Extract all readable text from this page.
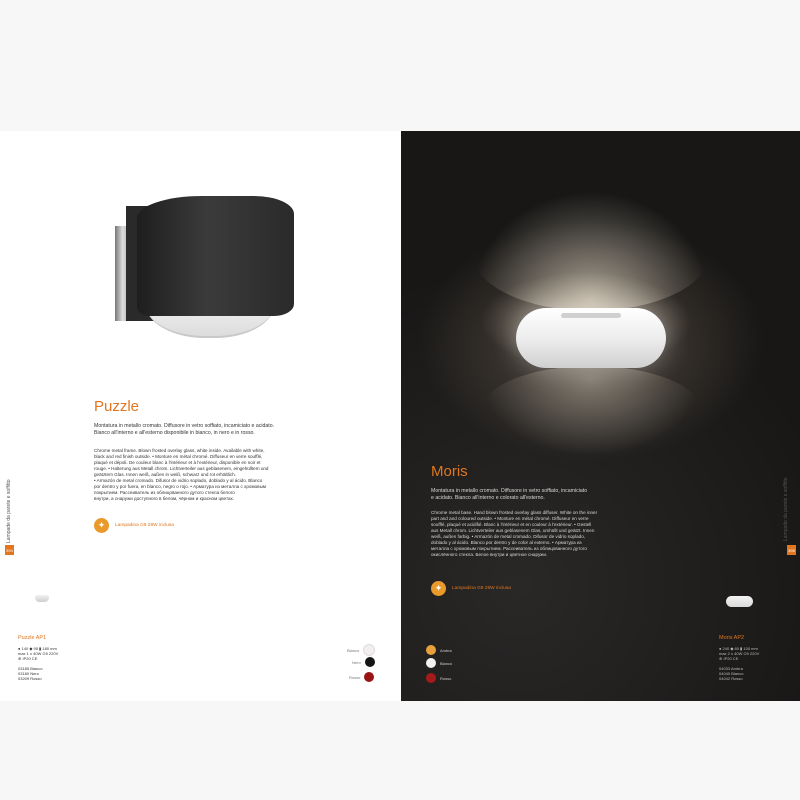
Puzzle
Montatura in metallo cromato. Diffusore in vetro soffiato, incamiciato e acidato.
Bianco all'interno e all'esterno disponibile in bianco, in nero e in rosso.
Chrome metal frame. Blown frosted overlay glass, white inside. Available with white,
black and red finish outside. • Monture en métal chromé. Diffuseur en verre soufflé,
plaqué et dépoli. De couleur blanc à l'intérieur et à l'extérieur, disponible en noir et
rouge. • Halterung aus Metall chrom. Lichtverteiler aus geblasenem, eingehülltem und
geätztem Glas. Innen weiß, außen in weiß, schwarz und rot erhältlich.
• Armazón de metal cromado. Difusor de vidrio soplado, doblado y al ácido. Blanco
por dentro y por fuera, en blanco, negro o rojo. • Арматура из металла с хромовым
покрытием. Рассеиватель из облицованного дутого стекла белого
внутри, а снаружи доступного в белом, чёрном и красном цветах.
✦	Lampadina G9 28W inclusa
Lampade da parete e soffitto
394

Puzzle AP1

● 140 ◆ 95 ▮ 180 mm
max 1 x 40W G9 220V
⊕ IP20 CE

03185 Bianco
03180 Nero
03209 Rosso

Bianco
Nero
Rosso
Moris
Montatura in metallo cromato. Diffusore in vetro soffiato, incamiciato
e acidato. Bianco all'interno e colorato all'esterno.
Chrome metal base. Hand blown frosted overlay glass diffuser. White on the inner
part and and coloured outside. • Monture en métal chromé. Diffuseur en verre
soufflé, plaqué et acidifié. Blanc à l'intérieur et en couleur à l'extérieur. • Gestell
aus Metall chrom. Lichtverteiler aus geblasenem Glas, umhüllt und geätzt. Innen
weiß, außen farbig. • Armazón de metal cromado. Difusor de vidrio soplado,
doblado y al ácido. Blanco por dentro y de color al externo. • Арматура из
металла с хромовым покрытием. Рассеиватель из облицованного дутого
окислённого стекла. Белое внутри и цветное снаружи.
✦	Lampadina G9 28W inclusa
Lampade da parete e soffitto
395

Moris AP2

● 240 ◆ 80 ▮ 100 mm
max 2 x 40W G9 220V
⊕ IP20 CE

04033 Ambra
04040 Bianco
04042 Rosso

Ambra
Bianco
Rosso
